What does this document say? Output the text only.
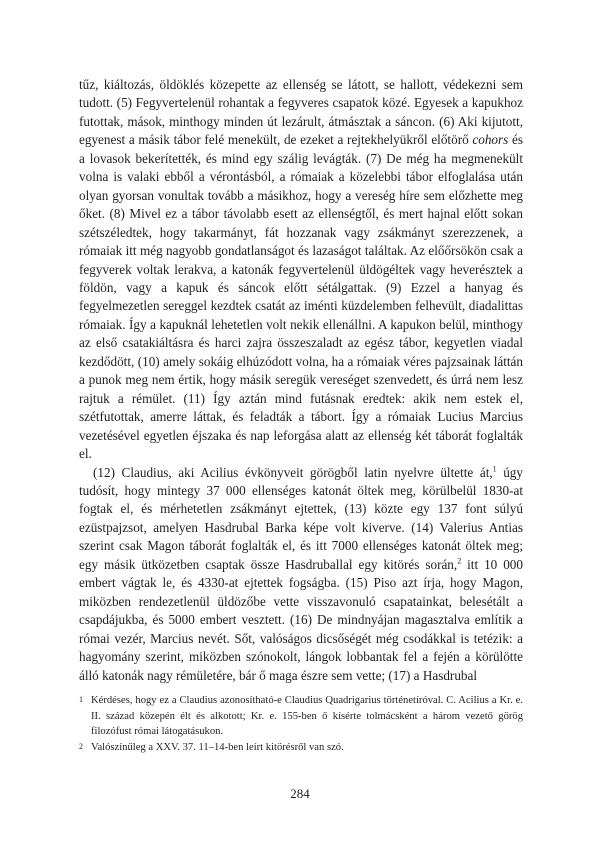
tűz, kiáltozás, öldöklés közepette az ellenség se látott, se hallott, védekezni sem tudott. (5) Fegyvertelenül rohantak a fegyveres csapatok közé. Egyesek a kapukhoz futottak, mások, minthogy minden út lezárult, átmásztak a sáncon. (6) Aki kijutott, egyenest a másik tábor felé menekült, de ezeket a rejtekhelyükről előtörő cohors és a lovasok bekerítették, és mind egy szálig levágták. (7) De még ha megmenekült volna is valaki ebből a vérontásból, a rómaiak a közelebbi tábor elfoglalása után olyan gyorsan vonultak tovább a másikhoz, hogy a vereség híre sem előzhette meg őket. (8) Mivel ez a tábor távolabb esett az ellenségtől, és mert hajnal előtt sokan szétszéledtek, hogy takarmányt, fát hozzanak vagy zsákmányt szerezzenek, a rómaiak itt még nagyobb gondatlanságot és lazaságot találtak. Az előőrsökön csak a fegyverek voltak lerakva, a katonák fegyvertelenül üldögéltek vagy heverésztek a földön, vagy a kapuk és sáncok előtt sétálgattak. (9) Ezzel a hanyag és fegyelmezetlen sereggel kezdtek csatát az iménti küzdelemben felhevült, diadalittas rómaiak. Így a kapuknál lehetetlen volt nekik ellenállni. A kapukon belül, minthogy az első csatakiáltásra és harci zajra összeszaladt az egész tábor, kegyetlen viadal kezdődött, (10) amely sokáig elhúzódott volna, ha a rómaiak véres pajzsainak láttán a punok meg nem értik, hogy másik seregük vereséget szenvedett, és úrrá nem lesz rajtuk a rémület. (11) Így aztán mind futásnak eredtek: akik nem estek el, szétfutottak, amerre láttak, és feladták a tábort. Így a rómaiak Lucius Marcius vezetésével egyetlen éjszaka és nap leforgása alatt az ellenség két táborát foglalták el.

(12) Claudius, aki Acilius évkönyveit görögből latin nyelvre ültette át,$^1$ úgy tudósít, hogy mintegy 37 000 ellenséges katonát öltek meg, körülbelül 1830-at fogtak el, és mérhetetlen zsákmányt ejtettek, (13) közte egy 137 font súlyú ezüstpajzsot, amelyen Hasdrubal Barka képe volt kiverve. (14) Valerius Antias szerint csak Magon táborát foglalták el, és itt 7000 ellenséges katonát öltek meg; egy másik ütközetben csaptak össze Hasdruballal egy kitörés során,$^2$ itt 10 000 embert vágtak le, és 4330-at ejtettek fogságba. (15) Piso azt írja, hogy Magon, miközben rendezetlenül üldözőbe vette visszavonuló csapatainkat, belesétált a csapdájukba, és 5000 embert vesztett. (16) De mindnyájan magasztalva említik a római vezér, Marcius nevét. Sőt, valóságos dicsőségét még csodákkal is tetézik: a hagyomány szerint, miközben szónokolt, lángok lobbantak fel a fején a körülötte álló katonák nagy rémületére, bár ő maga észre sem vette; (17) a Hasdrubal

1 Kérdéses, hogy ez a Claudius azonosítható-e Claudius Quadrigarius történetíróval. C. Acilius a Kr. e. II. század közepén élt és alkotott; Kr. e. 155-ben ő kísérte tolmácsként a három vezető görög filozófust római látogatásukon.

2 Valószínűleg a XXV. 37. 11–14-ben leírt kitörésről van szó.

284
